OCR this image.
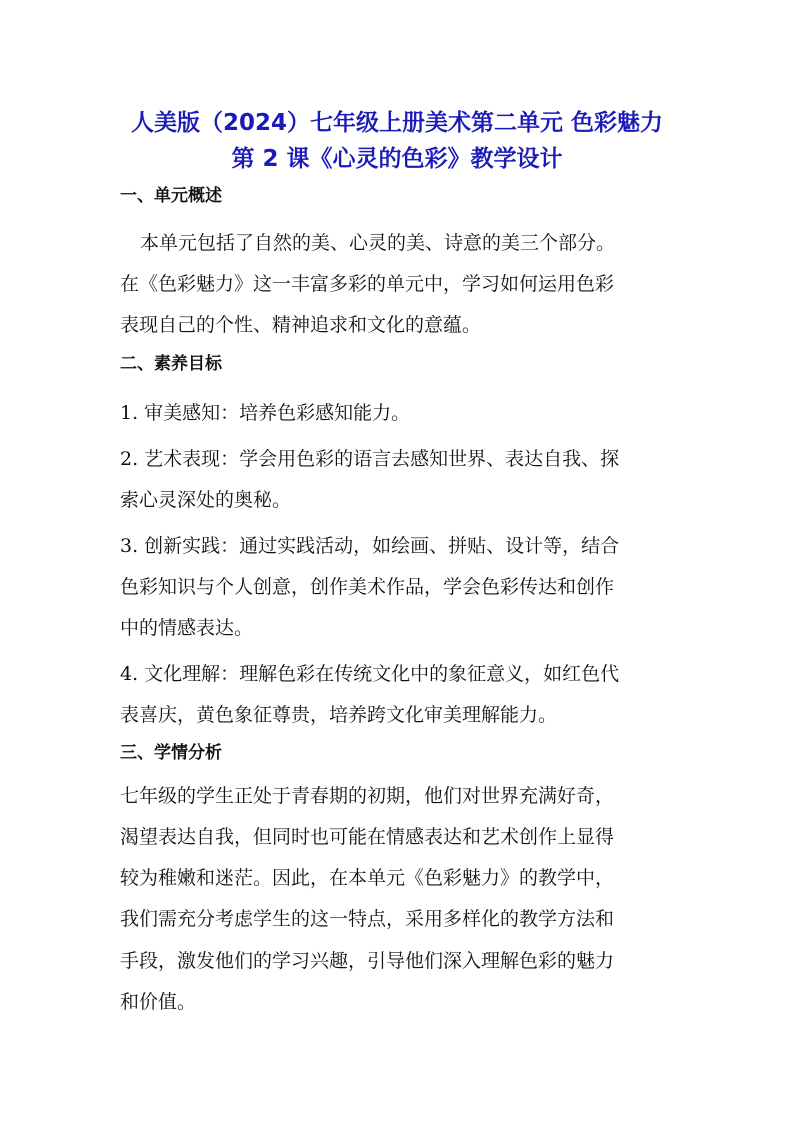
人美版（2024）七年级上册美术第二单元 色彩魅力
第 2 课《心灵的色彩》教学设计
一、单元概述
本单元包括了自然的美、心灵的美、诗意的美三个部分。
在《色彩魅力》这一丰富多彩的单元中，学习如何运用色彩
表现自己的个性、精神追求和文化的意蕴。
二、素养目标
1. 审美感知：培养色彩感知能力。
2. 艺术表现：学会用色彩的语言去感知世界、表达自我、探
索心灵深处的奥秘。
3. 创新实践：通过实践活动，如绘画、拼贴、设计等，结合
色彩知识与个人创意，创作美术作品，学会色彩传达和创作
中的情感表达。
4. 文化理解：理解色彩在传统文化中的象征意义，如红色代
表喜庆，黄色象征尊贵，培养跨文化审美理解能力。
三、学情分析
七年级的学生正处于青春期的初期，他们对世界充满好奇，
渴望表达自我，但同时也可能在情感表达和艺术创作上显得
较为稚嫩和迷茫。因此，在本单元《色彩魅力》的教学中，
我们需充分考虑学生的这一特点，采用多样化的教学方法和
手段，激发他们的学习兴趣，引导他们深入理解色彩的魅力
和价值。
